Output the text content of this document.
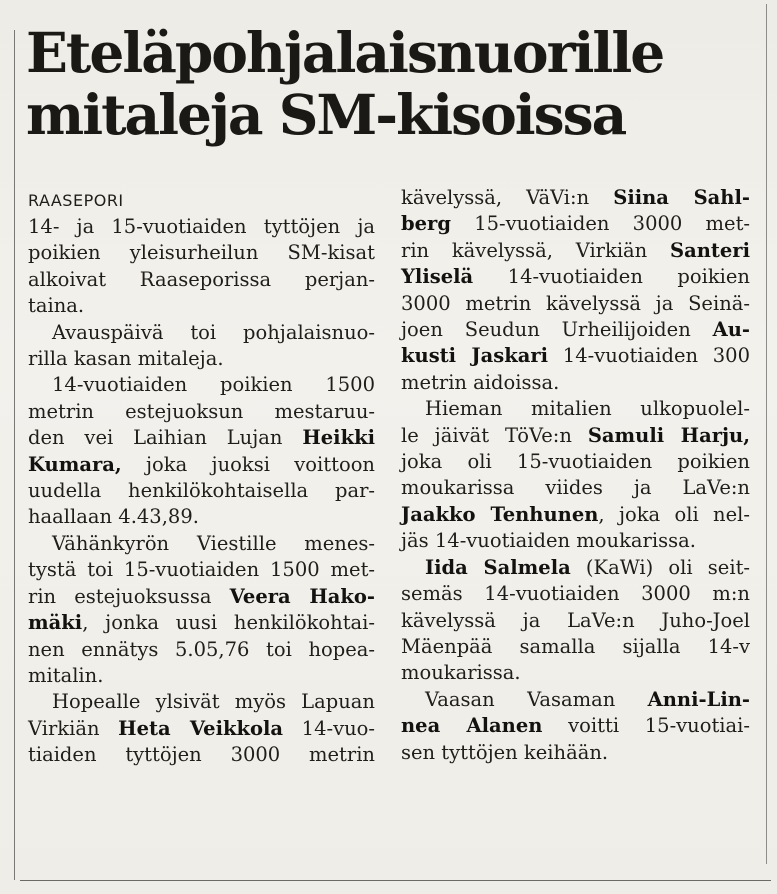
Eteläpohjalaisnuorille
mitaleja SM-kisoissa
RAASEPORI
14- ja 15-vuotiaiden tyttöjen ja
poikien yleisurheilun SM-kisat
alkoivat Raaseporissa perjan-
taina.
Avauspäivä toi pohjalaisnuo-
rilla kasan mitaleja.
14-vuotiaiden poikien 1500
metrin estejuoksun mestaruu-
den vei Laihian Lujan Heikki
Kumara, joka juoksi voittoon
uudella henkilökohtaisella par-
haallaan 4.43,89.
Vähänkyrön Viestille menes-
tystä toi 15-vuotiaiden 1500 met-
rin estejuoksussa Veera Hako-
mäki, jonka uusi henkilökohtai-
nen ennätys 5.05,76 toi hopea-
mitalin.
Hopealle ylsivät myös Lapuan
Virkiän Heta Veikkola 14-vuo-
tiaiden tyttöjen 3000 metrin
kävelyssä, VäVi:n Siina Sahl-
berg 15-vuotiaiden 3000 met-
rin kävelyssä, Virkiän Santeri
Yliselä 14-vuotiaiden poikien
3000 metrin kävelyssä ja Seinä-
joen Seudun Urheilijoiden Au-
kusti Jaskari 14-vuotiaiden 300
metrin aidoissa.
Hieman mitalien ulkopuolel-
le jäivät TöVe:n Samuli Harju,
joka oli 15-vuotiaiden poikien
moukarissa viides ja LaVe:n
Jaakko Tenhunen, joka oli nel-
jäs 14-vuotiaiden moukarissa.
Iida Salmela (KaWi) oli seit-
semäs 14-vuotiaiden 3000 m:n
kävelyssä ja LaVe:n Juho-Joel
Mäenpää samalla sijalla 14-v
moukarissa.
Vaasan Vasaman Anni-Lin-
nea Alanen voitti 15-vuotiai-
sen tyttöjen keihään.
